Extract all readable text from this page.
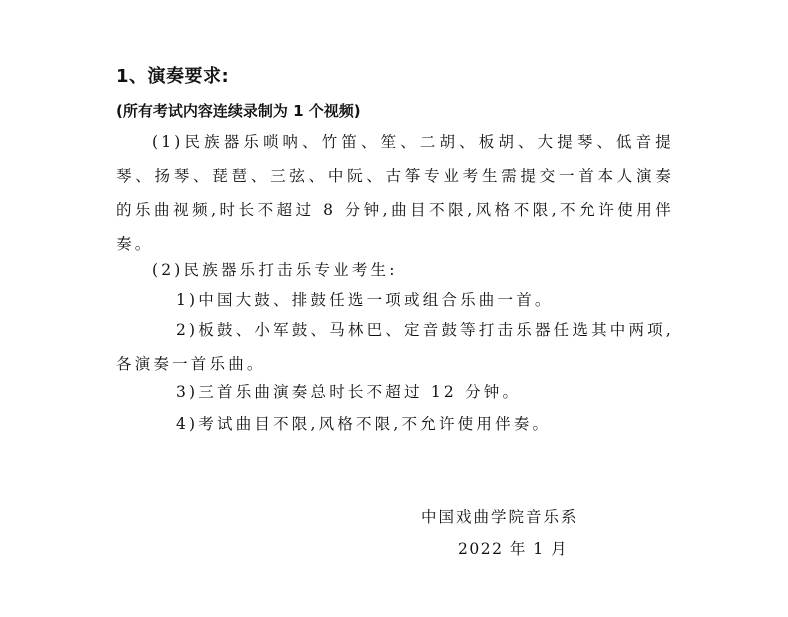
1、演奏要求:
(所有考试内容连续录制为 1 个视频)

(1)民族器乐唢呐、竹笛、笙、二胡、板胡、大提琴、低音提琴、扬琴、琵琶、三弦、中阮、古筝专业考生需提交一首本人演奏的乐曲视频,时长不超过 8 分钟,曲目不限,风格不限,不允许使用伴奏。

(2)民族器乐打击乐专业考生:

1)中国大鼓、排鼓任选一项或组合乐曲一首。

2)板鼓、小军鼓、马林巴、定音鼓等打击乐器任选其中两项,各演奏一首乐曲。

3)三首乐曲演奏总时长不超过 12 分钟。

4)考试曲目不限,风格不限,不允许使用伴奏。

中国戏曲学院音乐系
2022 年 1 月
